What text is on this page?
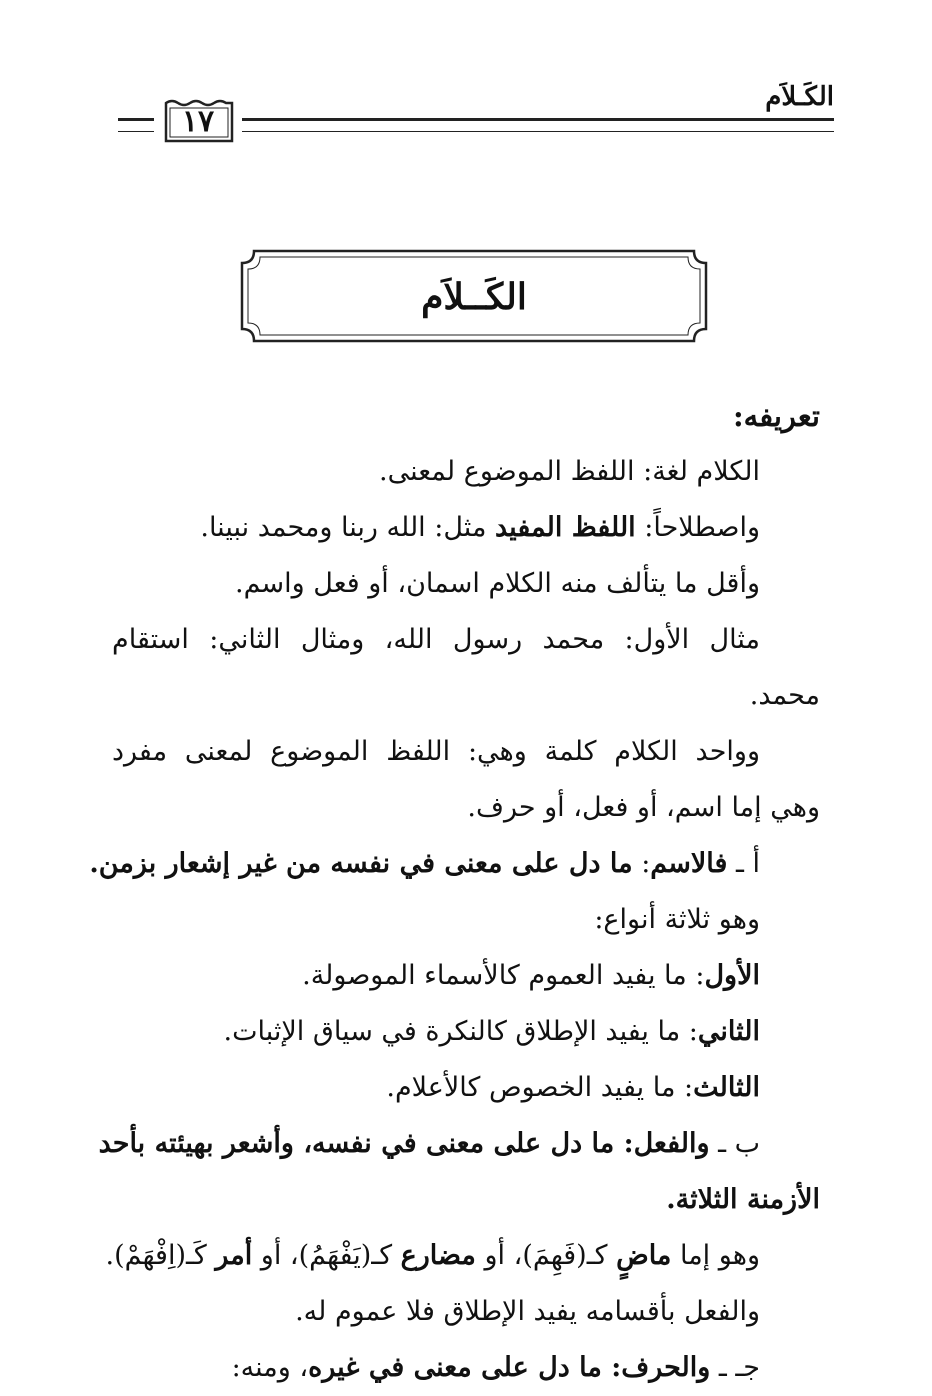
الكَـلاَم
١٧
الكَــلاَم
تعريفه:
الكلام لغة: اللفظ الموضوع لمعنى.
واصطلاحاً: اللفظ المفيد مثل: الله ربنا ومحمد نبينا.
وأقل ما يتألف منه الكلام اسمان، أو فعل واسم.
مثال الأول: محمد رسول الله، ومثال الثاني: استقام
محمد.
وواحد الكلام كلمة وهي: اللفظ الموضوع لمعنى مفرد
وهي إما اسم، أو فعل، أو حرف.
أ ـ فالاسم: ما دل على معنى في نفسه من غير إشعار بزمن.
وهو ثلاثة أنواع:
الأول: ما يفيد العموم كالأسماء الموصولة.
الثاني: ما يفيد الإطلاق كالنكرة في سياق الإثبات.
الثالث: ما يفيد الخصوص كالأعلام.
ب ـ والفعل: ما دل على معنى في نفسه، وأشعر بهيئته بأحد
الأزمنة الثلاثة.
وهو إما ماضٍ كـ(فَهِمَ)، أو مضارع كـ(يَفْهَمُ)، أو أمر كَـ(اِفْهَمْ).
والفعل بأقسامه يفيد الإطلاق فلا عموم له.
جـ ـ والحرف: ما دل على معنى في غيره، ومنه:
